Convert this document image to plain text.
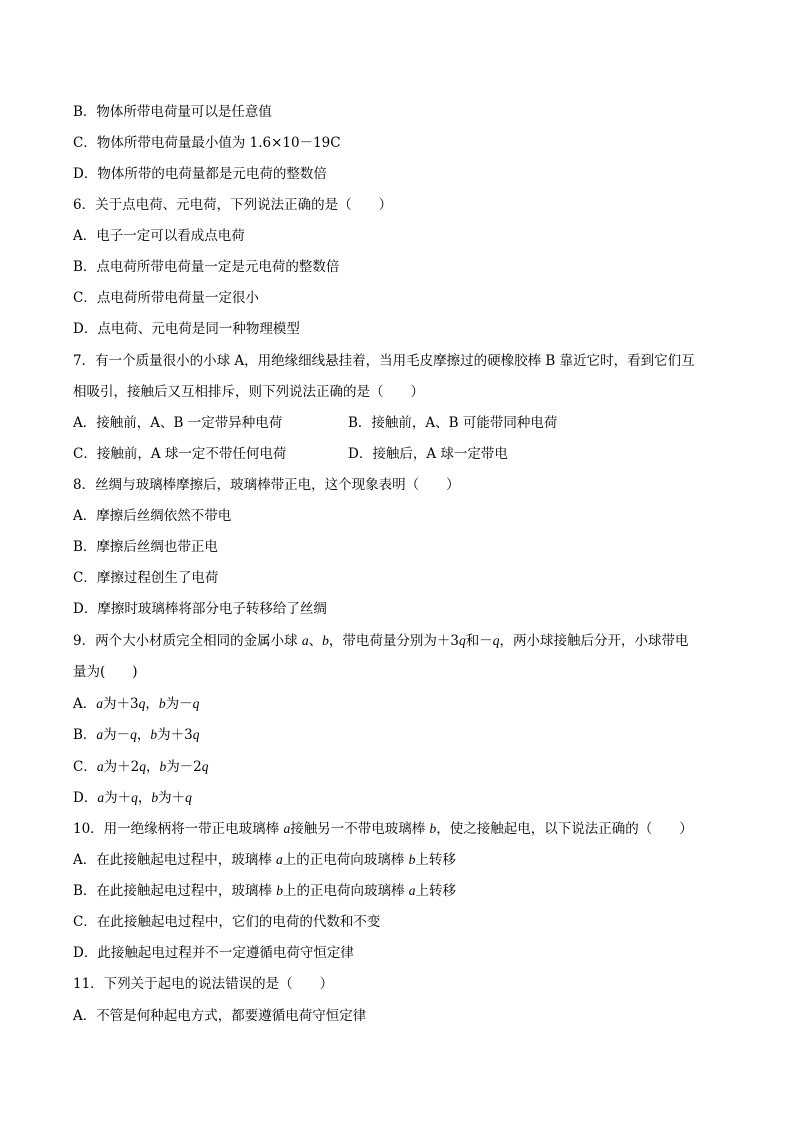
B．物体所带电荷量可以是任意值
C．物体所带电荷量最小值为 1.6×10－19C
D．物体所带的电荷量都是元电荷的整数倍
6．关于点电荷、元电荷，下列说法正确的是（　　）
A．电子一定可以看成点电荷
B．点电荷所带电荷量一定是元电荷的整数倍
C．点电荷所带电荷量一定很小
D．点电荷、元电荷是同一种物理模型
7．有一个质量很小的小球 A，用绝缘细线悬挂着，当用毛皮摩擦过的硬橡胶棒 B 靠近它时，看到它们互
相吸引，接触后又互相排斥，则下列说法正确的是（　　）
A．接触前，A、B 一定带异种电荷	B．接触前，A、B 可能带同种电荷
C．接触前，A 球一定不带任何电荷	D．接触后，A 球一定带电
8．丝绸与玻璃棒摩擦后，玻璃棒带正电，这个现象表明（　　）
A．摩擦后丝绸依然不带电
B．摩擦后丝绸也带正电
C．摩擦过程创生了电荷
D．摩擦时玻璃棒将部分电子转移给了丝绸
9．两个大小材质完全相同的金属小球 a、b，带电荷量分别为＋3q和－q，两小球接触后分开，小球带电
量为(　　)
A．a为＋3q，b为－q
B．a为－q，b为＋3q
C．a为＋2q，b为－2q
D．a为＋q，b为＋q
10．用一绝缘柄将一带正电玻璃棒 a接触另一不带电玻璃棒 b，使之接触起电，以下说法正确的（　　）
A．在此接触起电过程中，玻璃棒 a上的正电荷向玻璃棒 b上转移
B．在此接触起电过程中，玻璃棒 b上的正电荷向玻璃棒 a上转移
C．在此接触起电过程中，它们的电荷的代数和不变
D．此接触起电过程并不一定遵循电荷守恒定律
11．下列关于起电的说法错误的是（　　）
A．不管是何种起电方式，都要遵循电荷守恒定律
